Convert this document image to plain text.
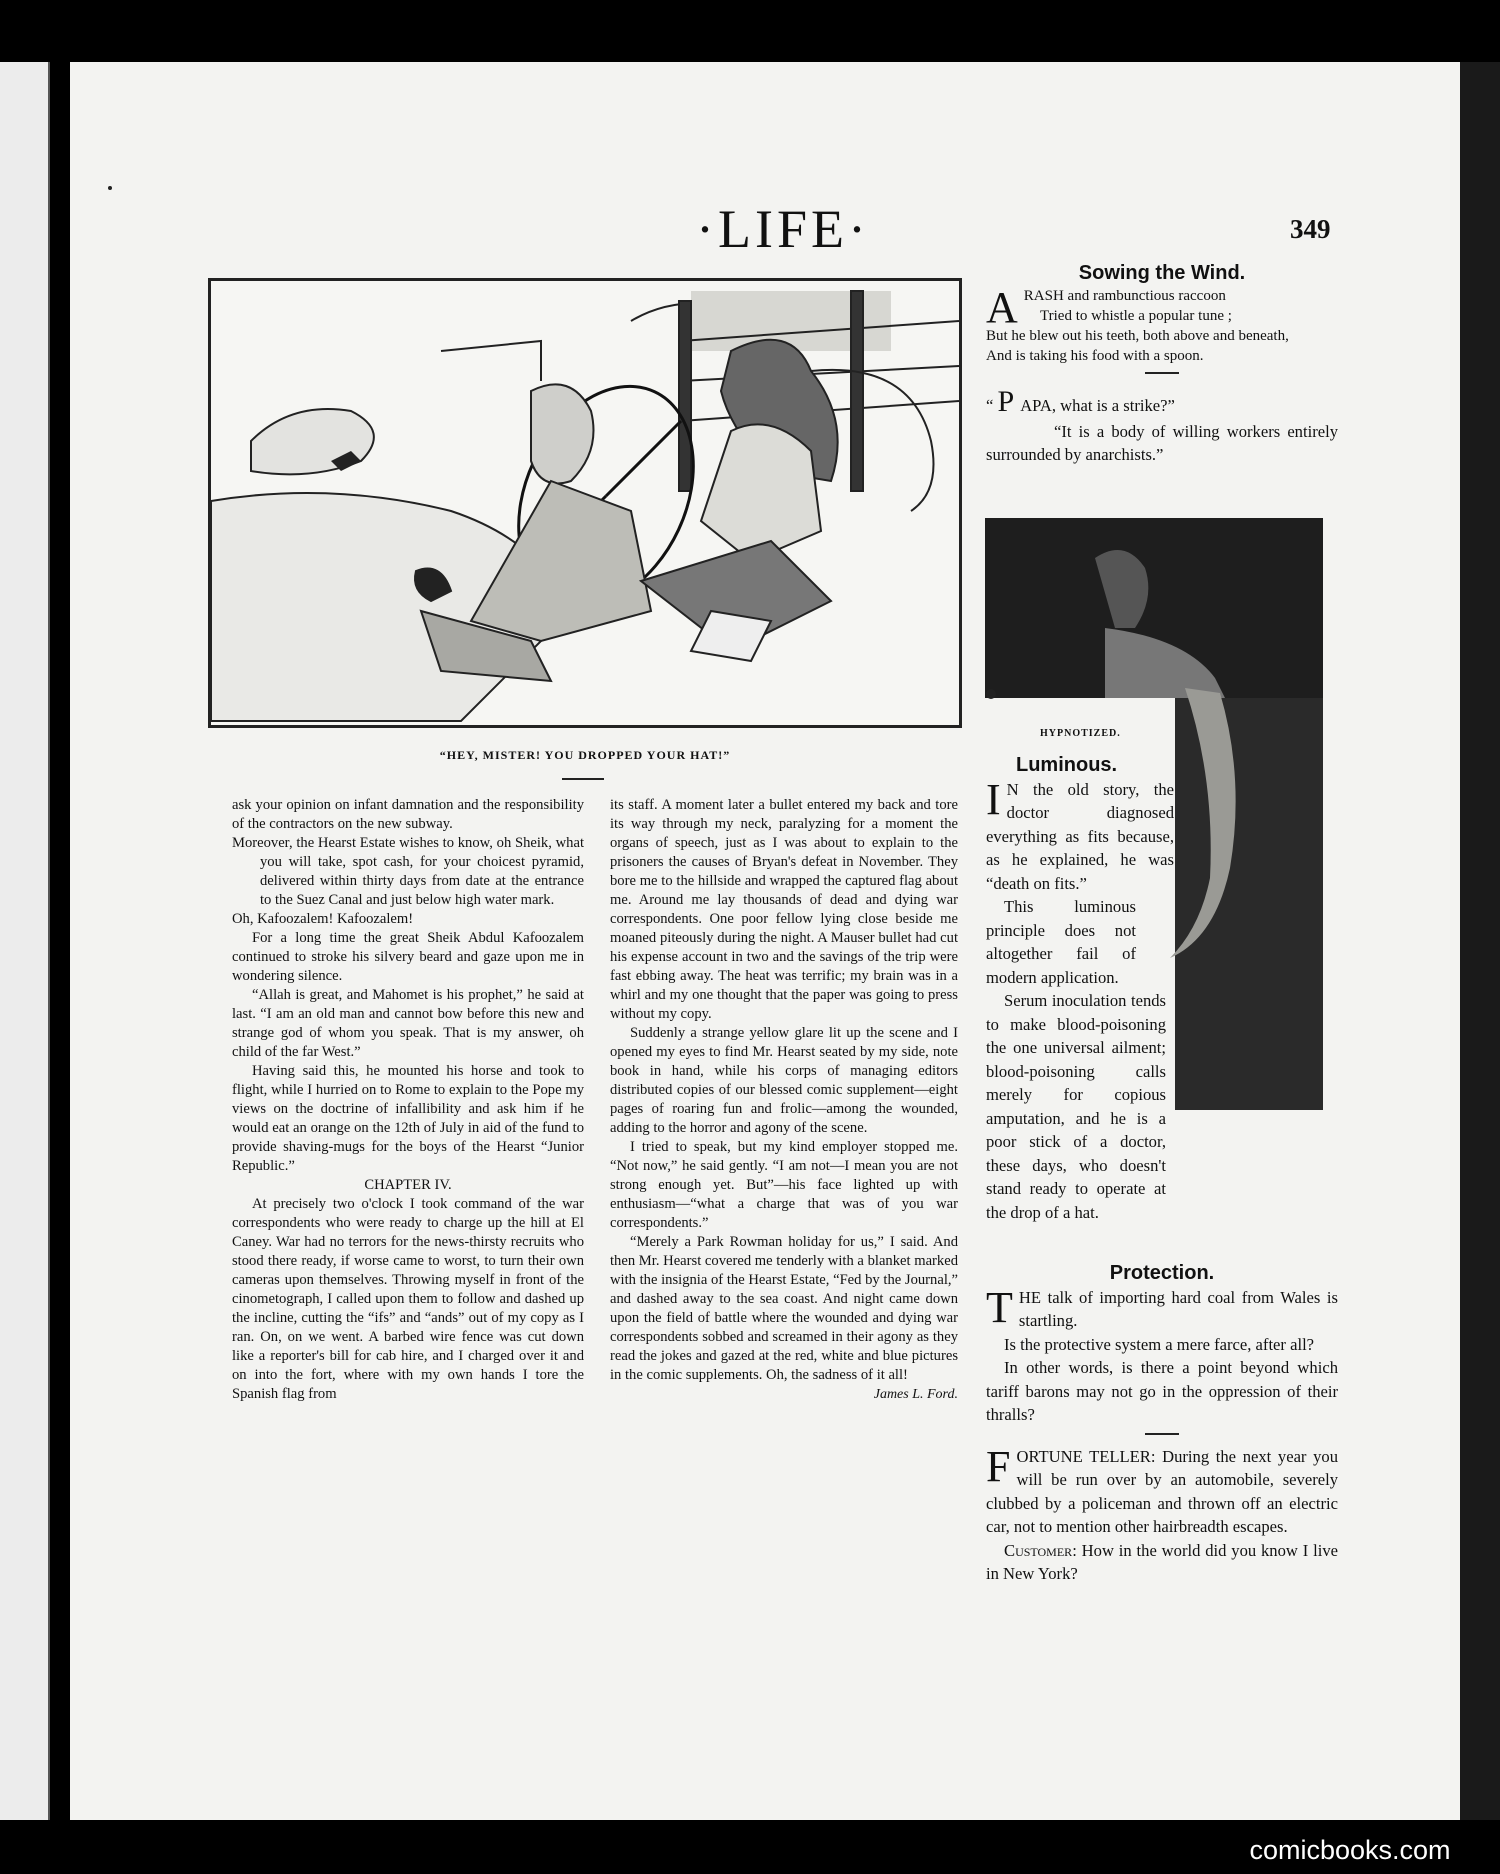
·LIFE·	349
“HEY, MISTER! YOU DROPPED YOUR HAT!”

ask your opinion on infant damnation and the responsibility of the contractors on the new subway.

Moreover, the Hearst Estate wishes to know, oh Sheik, what you will take, spot cash, for your choicest pyramid, delivered within thirty days from date at the entrance to the Suez Canal and just below high water mark.

Oh, Kafoozalem! Kafoozalem!

For a long time the great Sheik Abdul Kafoozalem continued to stroke his silvery beard and gaze upon me in wondering silence.

“Allah is great, and Mahomet is his prophet,” he said at last. “I am an old man and cannot bow before this new and strange god of whom you speak. That is my answer, oh child of the far West.”

Having said this, he mounted his horse and took to flight, while I hurried on to Rome to explain to the Pope my views on the doctrine of infallibility and ask him if he would eat an orange on the 12th of July in aid of the fund to provide shaving-mugs for the boys of the Hearst “Junior Republic.”

CHAPTER IV.

At precisely two o'clock I took command of the war correspondents who were ready to charge up the hill at El Caney. War had no terrors for the news-thirsty recruits who stood there ready, if worse came to worst, to turn their own cameras upon themselves. Throwing myself in front of the cinometograph, I called upon them to follow and dashed up the incline, cutting the “ifs” and “ands” out of my copy as I ran. On, on we went. A barbed wire fence was cut down like a reporter's bill for cab hire, and I charged over it and on into the fort, where with my own hands I tore the Spanish flag from

its staff. A moment later a bullet entered my back and tore its way through my neck, paralyzing for a moment the organs of speech, just as I was about to explain to the prisoners the causes of Bryan's defeat in November. They bore me to the hillside and wrapped the captured flag about me. Around me lay thousands of dead and dying war correspondents. One poor fellow lying close beside me moaned piteously during the night. A Mauser bullet had cut his expense account in two and the savings of the trip were fast ebbing away. The heat was terrific; my brain was in a whirl and my one thought that the paper was going to press without my copy.

Suddenly a strange yellow glare lit up the scene and I opened my eyes to find Mr. Hearst seated by my side, note book in hand, while his corps of managing editors distributed copies of our blessed comic supplement—eight pages of roaring fun and frolic—among the wounded, adding to the horror and agony of the scene.

I tried to speak, but my kind employer stopped me. “Not now,” he said gently. “I am not—I mean you are not strong enough yet. But”—his face lighted up with enthusiasm—“what a charge that was of you war correspondents.”

“Merely a Park Rowman holiday for us,” I said. And then Mr. Hearst covered me tenderly with a blanket marked with the insignia of the Hearst Estate, “Fed by the Journal,” and dashed away to the sea coast. And night came down upon the field of battle where the wounded and dying war correspondents sobbed and screamed in their agony as they read the jokes and gazed at the red, white and blue pictures in the comic supplements. Oh, the sadness of it all!

James L. Ford.
Sowing the Wind.
A RASH and rambunctious raccoon
Tried to whistle a popular tune ;
But he blew out his teeth, both above and beneath,
And is taking his food with a spoon.
“ P APA, what is a strike?”
“It is a body of willing workers entirely surrounded by anarchists.”
HYPNOTIZED.
Luminous.
I N the old story, the doctor diagnosed everything as fits because, as he explained, he was “death on fits.”
This luminous principle does not altogether fail of modern application.
Serum inoculation tends to make blood-poisoning the one universal ailment; blood-poisoning calls merely for copious amputation, and he is a poor stick of a doctor, these days, who doesn't stand ready to operate at the drop of a hat.
Protection.
THE talk of importing hard coal from Wales is startling.
Is the protective system a mere farce, after all?
In other words, is there a point beyond which tariff barons may not go in the oppression of their thralls?
FORTUNE TELLER: During the next year you will be run over by an automobile, severely clubbed by a policeman and thrown off an electric car, not to mention other hairbreadth escapes.
Customer: How in the world did you know I live in New York?
comicbooks.com
